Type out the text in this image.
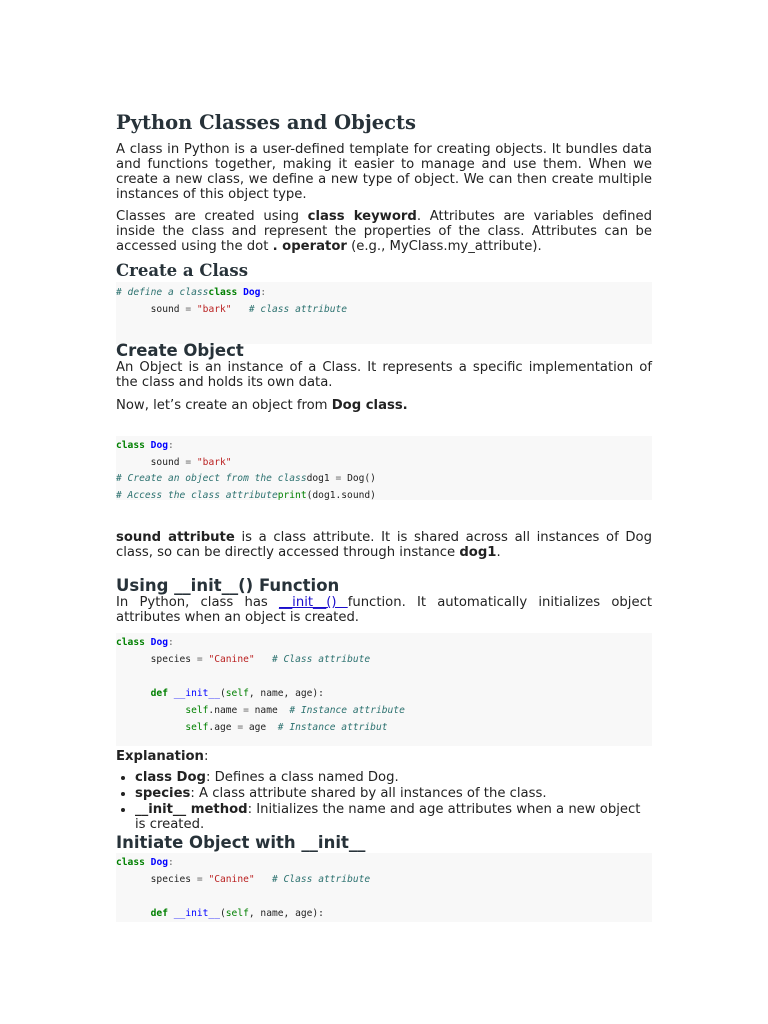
Python Classes and Objects

A class in Python is a user-defined template for creating objects. It bundles data and functions together, making it easier to manage and use them. When we create a new class, we define a new type of object. We can then create multiple instances of this object type.

Classes are created using class keyword. Attributes are variables defined inside the class and represent the properties of the class. Attributes can be accessed using the dot . operator (e.g., MyClass.my_attribute).

Create a Class
# define a classclass Dog:
sound = "bark" # class attribute
Create Object

An Object is an instance of a Class. It represents a specific implementation of the class and holds its own data.

Now, let’s create an object from Dog class.

class Dog:
sound = "bark"
# Create an object from the classdog1 = Dog()
# Access the class attributeprint(dog1.sound)

sound attribute is a class attribute. It is shared across all instances of Dog class, so can be directly accessed through instance dog1.

Using __init__() Function

In Python, class has __init__() function. It automatically initializes object attributes when an object is created.

class Dog:
species = "Canine" # Class attribute

def __init__(self, name, age):
self.name = name # Instance attribute
self.age = age # Instance attribut

Explanation:

• class Dog: Defines a class named Dog.
• species: A class attribute shared by all instances of the class.
• __init__ method: Initializes the name and age attributes when a new object is created.
Initiate Object with __init__
class Dog:
species = "Canine" # Class attribute

def __init__(self, name, age):
